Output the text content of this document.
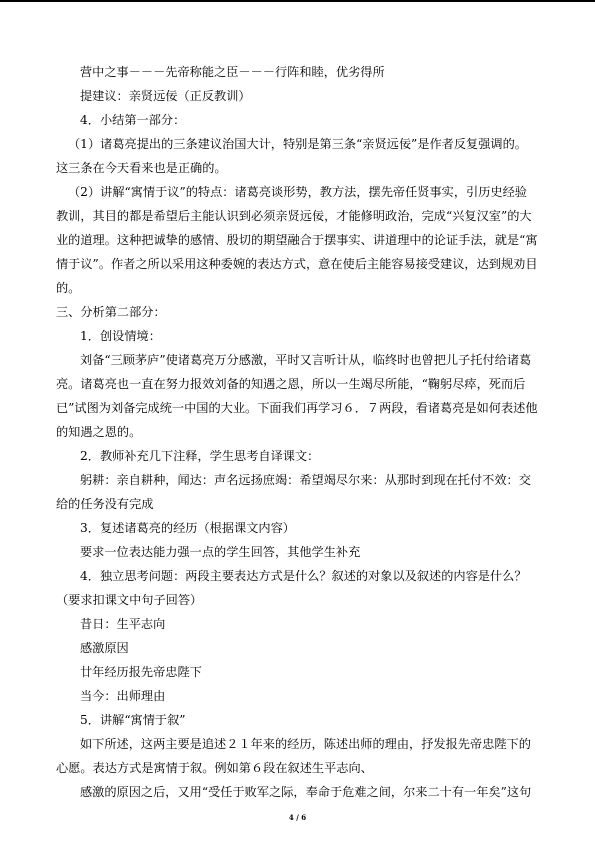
营中之事－－－先帝称能之臣－－－行阵和睦，优劣得所

提建议：亲贤远佞（正反教训）

4．小结第一部分：

（1）诸葛亮提出的三条建议治国大计，特别是第三条“亲贤远佞”是作者反复强调的。这三条在今天看来也是正确的。

（2）讲解“寓情于议”的特点：诸葛亮谈形势，教方法，摆先帝任贤事实，引历史经验教训，其目的都是希望后主能认识到必须亲贤远佞，才能修明政治，完成“兴复汉室”的大业的道理。这种把诚挚的感情、殷切的期望融合于摆事实、讲道理中的论证手法，就是“寓情于议”。作者之所以采用这种委婉的表达方式，意在使后主能容易接受建议，达到规劝目的。

三、分析第二部分：

1．创设情境：

刘备“三顾茅庐”使诸葛亮万分感激，平时又言听计从，临终时也曾把儿子托付给诸葛亮。诸葛亮也一直在努力报效刘备的知遇之恩，所以一生竭尽所能，“鞠躬尽瘁，死而后已”试图为刘备完成统一中国的大业。下面我们再学习６．７两段，看诸葛亮是如何表述他的知遇之恩的。

2．教师补充几下注释，学生思考自译课文：

躬耕：亲自耕种，闻达：声名远扬庶竭：希望竭尽尔来：从那时到现在托付不效：交给的任务没有完成

3．复述诸葛亮的经历（根据课文内容）

要求一位表达能力强一点的学生回答，其他学生补充

4．独立思考问题：两段主要表达方式是什么？叙述的对象以及叙述的内容是什么？（要求扣课文中句子回答）

昔日：生平志向

感激原因

廿年经历报先帝忠陛下

当今：出师理由

5．讲解“寓情于叙”

如下所述，这两主要是追述２１年来的经历，陈述出师的理由，抒发报先帝忠陛下的心愿。表达方式是寓情于叙。例如第６段在叙述生平志向、

感激的原因之后，又用“受任于败军之际，奉命于危难之间，尔来二十有一年矣”这句

4 / 6
